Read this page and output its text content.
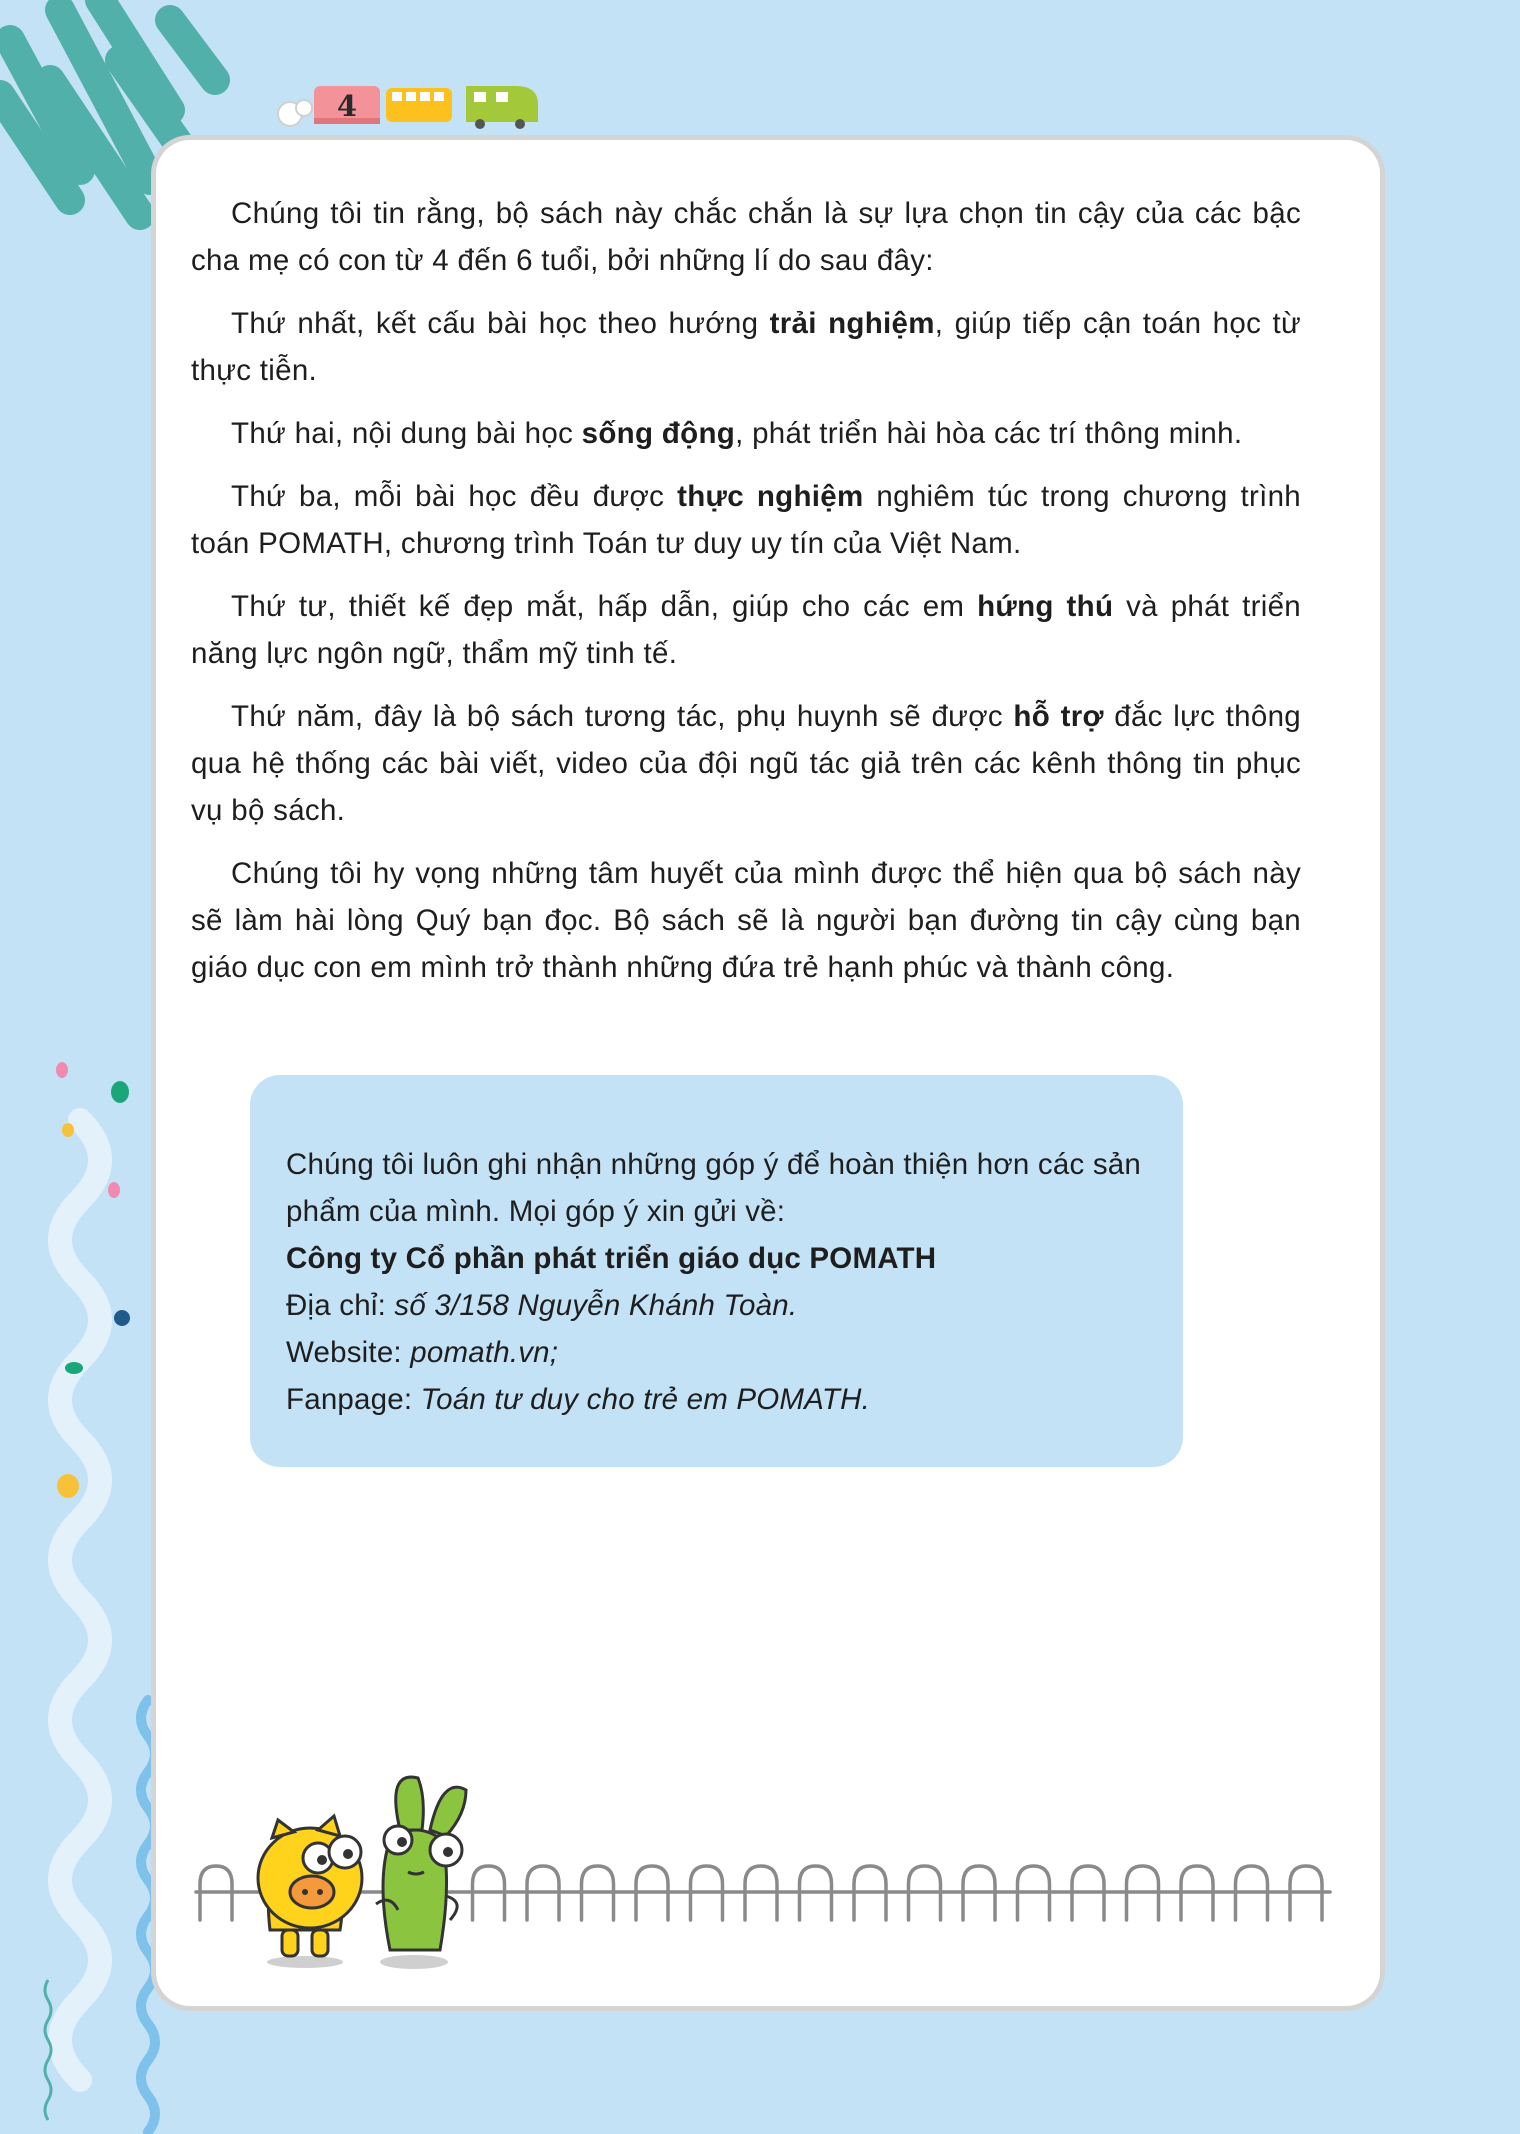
4

Chúng tôi tin rằng, bộ sách này chắc chắn là sự lựa chọn tin cậy của các bậc cha mẹ có con từ 4 đến 6 tuổi, bởi những lí do sau đây:

Thứ nhất, kết cấu bài học theo hướng trải nghiệm, giúp tiếp cận toán học từ thực tiễn.

Thứ hai, nội dung bài học sống động, phát triển hài hòa các trí thông minh.

Thứ ba, mỗi bài học đều được thực nghiệm nghiêm túc trong chương trình toán POMATH, chương trình Toán tư duy uy tín của Việt Nam.

Thứ tư, thiết kế đẹp mắt, hấp dẫn, giúp cho các em hứng thú và phát triển năng lực ngôn ngữ, thẩm mỹ tinh tế.

Thứ năm, đây là bộ sách tương tác, phụ huynh sẽ được hỗ trợ đắc lực thông qua hệ thống các bài viết, video của đội ngũ tác giả trên các kênh thông tin phục vụ bộ sách.

Chúng tôi hy vọng những tâm huyết của mình được thể hiện qua bộ sách này sẽ làm hài lòng Quý bạn đọc. Bộ sách sẽ là người bạn đường tin cậy cùng bạn giáo dục con em mình trở thành những đứa trẻ hạnh phúc và thành công.

Chúng tôi luôn ghi nhận những góp ý để hoàn thiện hơn các sản phẩm của mình. Mọi góp ý xin gửi về:

Công ty Cổ phần phát triển giáo dục POMATH

Địa chỉ: số 3/158 Nguyễn Khánh Toàn.

Website: pomath.vn;

Fanpage: Toán tư duy cho trẻ em POMATH.
